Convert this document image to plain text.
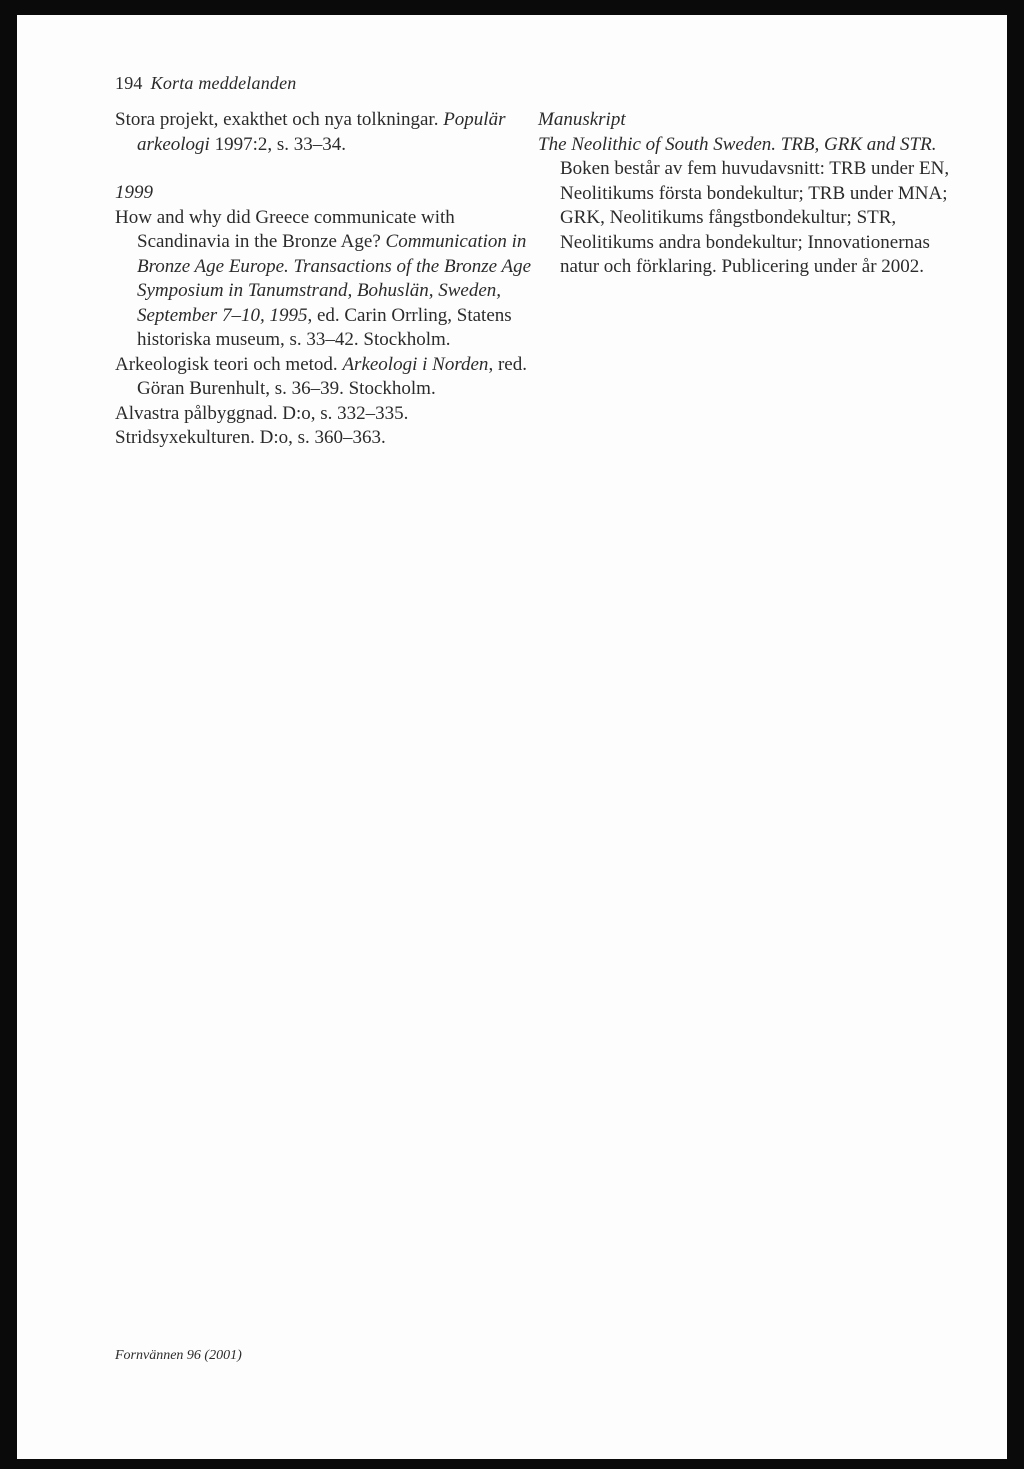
194 Korta meddelanden

Stora projekt, exakthet och nya tolkningar. Populär arkeologi 1997:2, s. 33–34.

1999

How and why did Greece communicate with Scandinavia in the Bronze Age? Communication in Bronze Age Europe. Transactions of the Bronze Age Symposium in Tanumstrand, Bohuslän, Sweden, September 7–10, 1995, ed. Carin Orrling, Statens historiska museum, s. 33–42. Stockholm.

Arkeologisk teori och metod. Arkeologi i Norden, red. Göran Burenhult, s. 36–39. Stockholm.

Alvastra pålbyggnad. D:o, s. 332–335.

Stridsyxekulturen. D:o, s. 360–363.

Manuskript

The Neolithic of South Sweden. TRB, GRK and STR. Boken består av fem huvudavsnitt: TRB under EN, Neolitikums första bondekultur; TRB under MNA; GRK, Neolitikums fångstbondekultur; STR, Neolitikums andra bondekultur; Innovationernas natur och förklaring. Publicering under år 2002.

Fornvännen 96 (2001)
